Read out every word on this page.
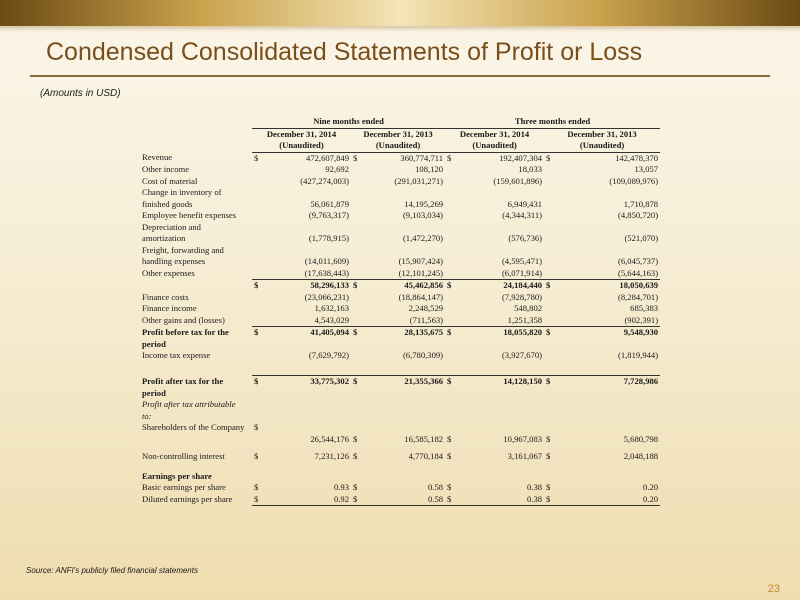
Condensed Consolidated Statements of Profit or Loss
(Amounts in USD)
	Nine months ended				Three months ended			
	December 31, 2014		December 31, 2013		December 31, 2014		December 31, 2013	
	(Unaudited)		(Unaudited)		(Unaudited)		(Unaudited)	
Revenue	$	472,607,849	$	360,774,711	$	192,407,304	$	142,478,370
Other income		92,692		108,120		18,033		13,057
Cost of material		(427,274,003)		(291,031,271)		(159,601,896)		(109,089,976)
Change in inventory of								
finished goods		56,061,879		14,195,269		6,949,431		1,710,878
Employee benefit expenses		(9,763,317)		(9,103,034)		(4,344,311)		(4,850,720)
Depreciation and								
amortization		(1,778,915)		(1,472,270)		(576,736)		(521,070)
Freight, forwarding and								
handling expenses		(14,011,609)		(15,907,424)		(4,595,471)		(6,045,737)
Other expenses		(17,638,443)		(12,101,245)		(6,071,914)		(5,644,163)
	$	58,296,133	$	45,462,856	$	24,184,440	$	18,050,639
Finance costs		(23,066,231)		(18,864,147)		(7,928,780)		(8,284,701)
Finance income		1,632,163		2,248,529		548,802		685,383
Other gains and (losses)		4,543,029		(711,563)		1,251,358		(902,391)
Profit before tax for the	$	41,405,094	$	28,135,675	$	18,055,820	$	9,548,930
period								
Income tax expense		(7,629,792)		(6,780,309)		(3,927,670)		(1,819,944)

Profit after tax for the	$	33,775,302	$	21,355,366	$	14,128,150	$	7,728,986
period								
Profit after tax attributable								
to:								
Shareholders of the Company	$							
		26,544,176	$	16,585,182	$	10,967,083	$	5,680,798

Non-controlling interest	$	7,231,126	$	4,770,184	$	3,161,067	$	2,048,188

Earnings per share								
Basic earnings per share	$	0.93	$	0.58	$	0.38	$	0.20
Diluted earnings per share	$	0.92	$	0.58	$	0.38	$	0.20
Source: ANFI's publicly filed financial statements
23
